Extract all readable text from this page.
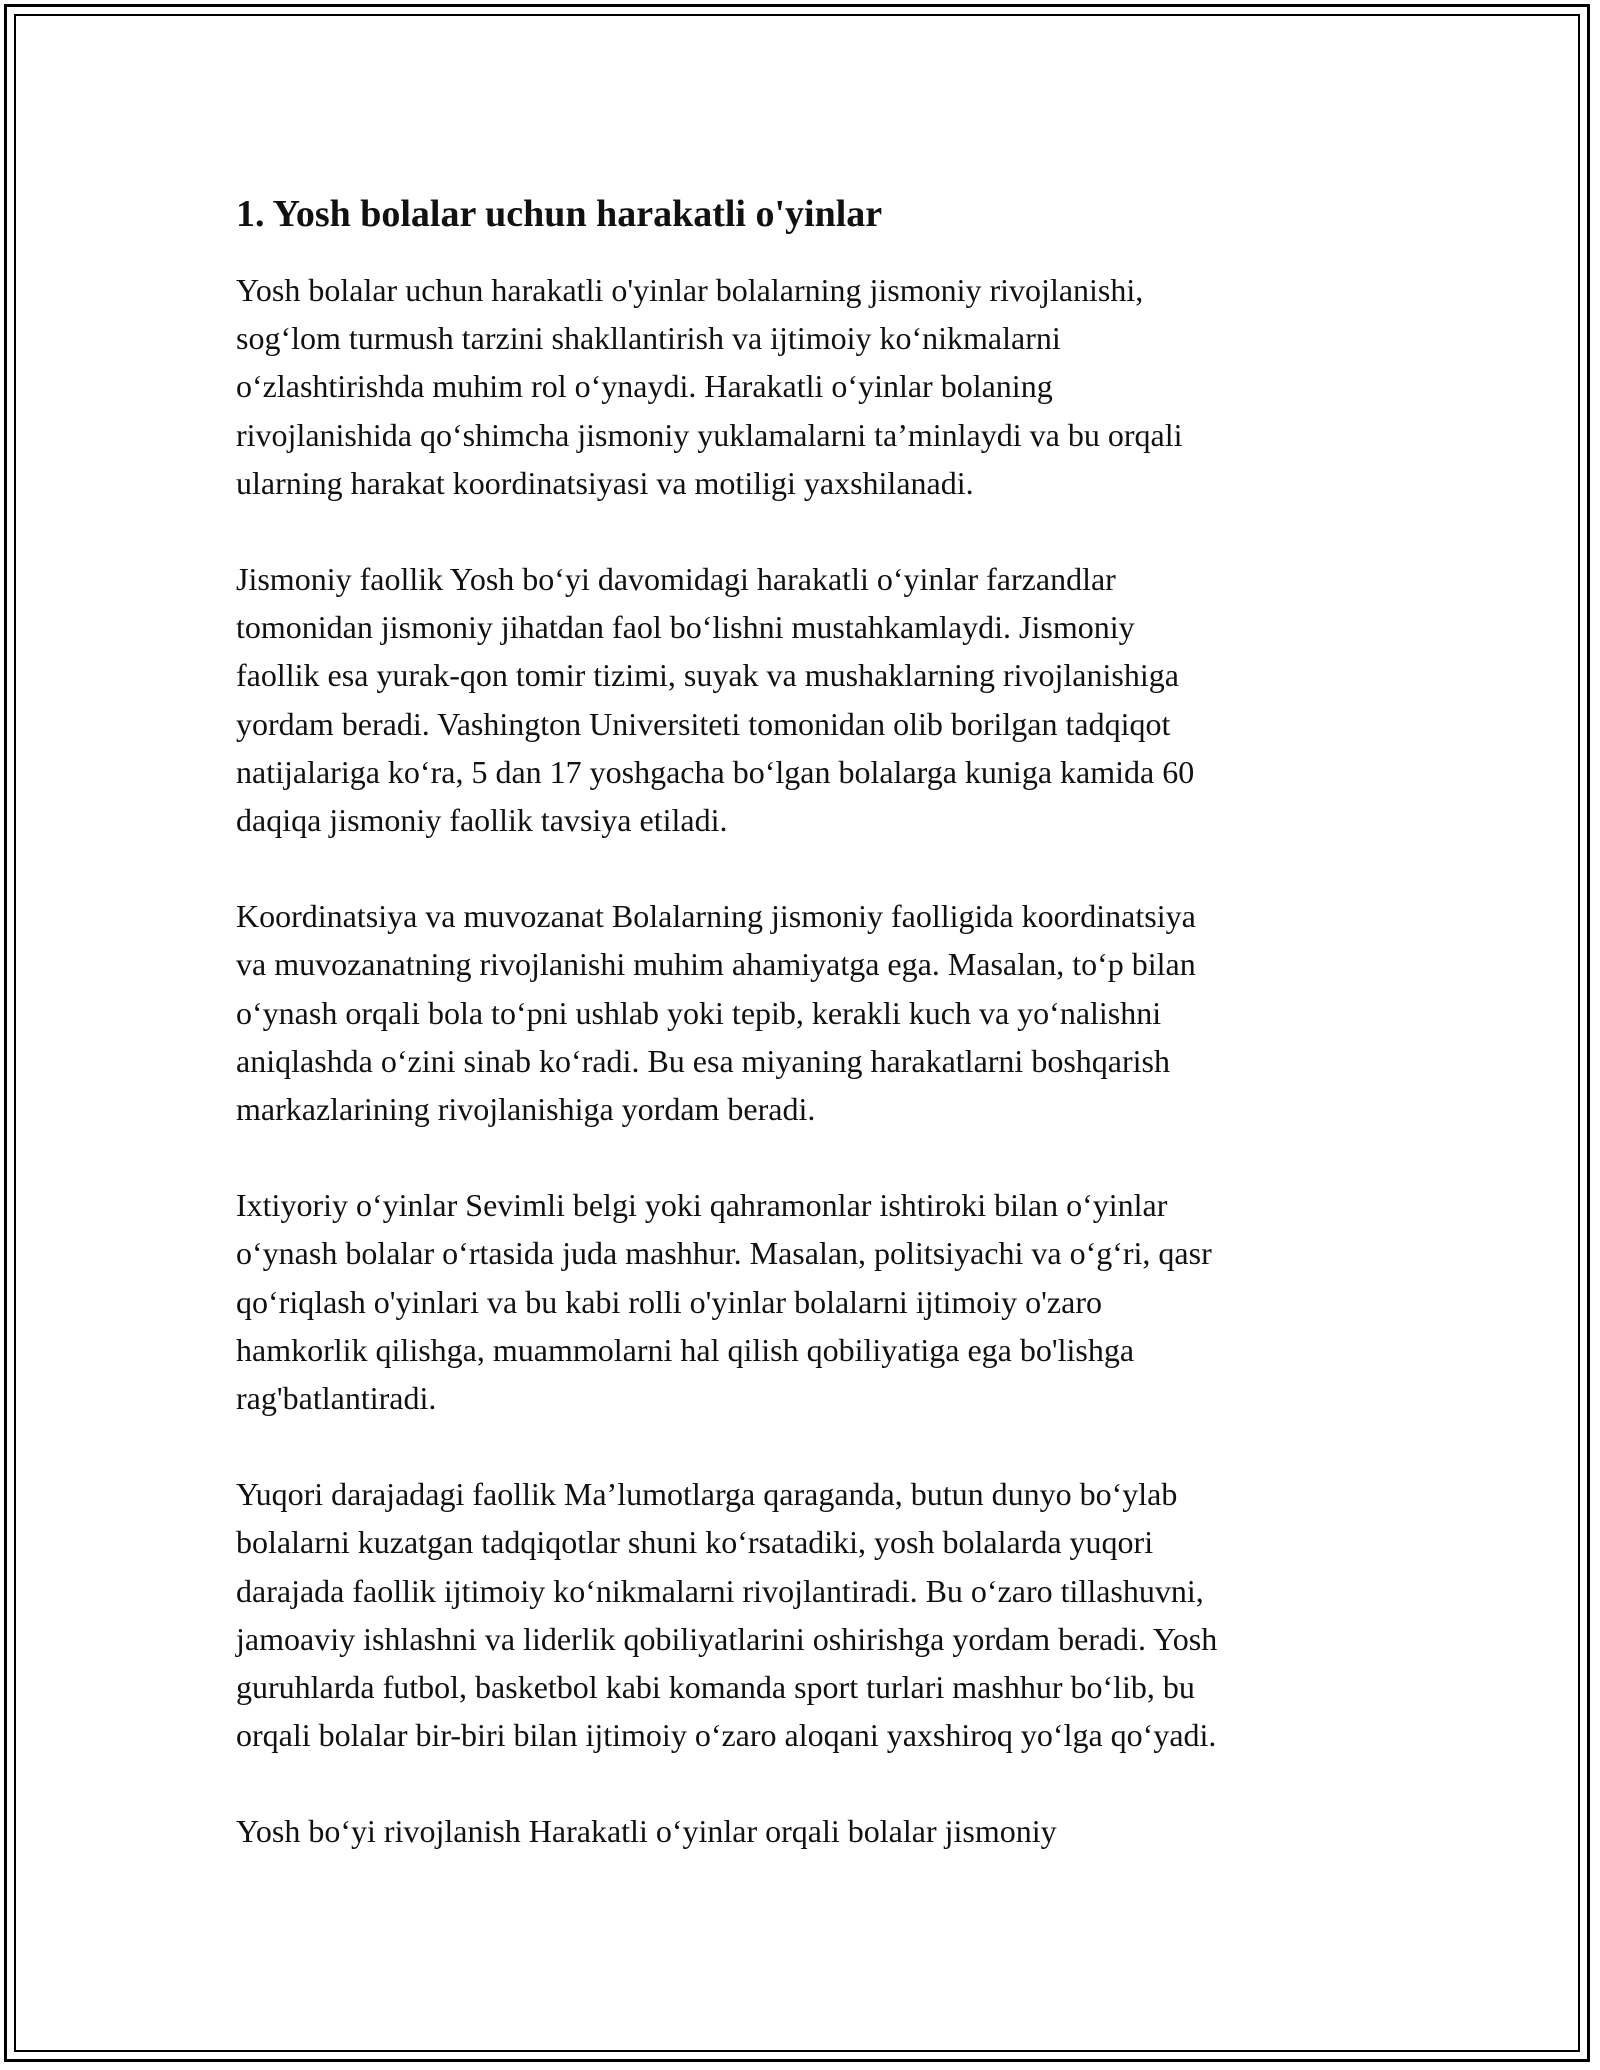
1. Yosh bolalar uchun harakatli o'yinlar

Yosh bolalar uchun harakatli o'yinlar bolalarning jismoniy rivojlanishi,
sog‘lom turmush tarzini shakllantirish va ijtimoiy ko‘nikmalarni
o‘zlashtirishda muhim rol o‘ynaydi. Harakatli o‘yinlar bolaning
rivojlanishida qo‘shimcha jismoniy yuklamalarni ta’minlaydi va bu orqali
ularning harakat koordinatsiyasi va motiligi yaxshilanadi.

Jismoniy faollik Yosh bo‘yi davomidagi harakatli o‘yinlar farzandlar
tomonidan jismoniy jihatdan faol bo‘lishni mustahkamlaydi. Jismoniy
faollik esa yurak-qon tomir tizimi, suyak va mushaklarning rivojlanishiga
yordam beradi. Vashington Universiteti tomonidan olib borilgan tadqiqot
natijalariga ko‘ra, 5 dan 17 yoshgacha bo‘lgan bolalarga kuniga kamida 60
daqiqa jismoniy faollik tavsiya etiladi.

Koordinatsiya va muvozanat Bolalarning jismoniy faolligida koordinatsiya
va muvozanatning rivojlanishi muhim ahamiyatga ega. Masalan, to‘p bilan
o‘ynash orqali bola to‘pni ushlab yoki tepib, kerakli kuch va yo‘nalishni
aniqlashda o‘zini sinab ko‘radi. Bu esa miyaning harakatlarni boshqarish
markazlarining rivojlanishiga yordam beradi.

Ixtiyoriy o‘yinlar Sevimli belgi yoki qahramonlar ishtiroki bilan o‘yinlar
o‘ynash bolalar o‘rtasida juda mashhur. Masalan, politsiyachi va o‘g‘ri, qasr
qo‘riqlash o'yinlari va bu kabi rolli o'yinlar bolalarni ijtimoiy o'zaro
hamkorlik qilishga, muammolarni hal qilish qobiliyatiga ega bo'lishga
rag'batlantiradi.

Yuqori darajadagi faollik Ma’lumotlarga qaraganda, butun dunyo bo‘ylab
bolalarni kuzatgan tadqiqotlar shuni ko‘rsatadiki, yosh bolalarda yuqori
darajada faollik ijtimoiy ko‘nikmalarni rivojlantiradi. Bu o‘zaro tillashuvni,
jamoaviy ishlashni va liderlik qobiliyatlarini oshirishga yordam beradi. Yosh
guruhlarda futbol, basketbol kabi komanda sport turlari mashhur bo‘lib, bu
orqali bolalar bir-biri bilan ijtimoiy o‘zaro aloqani yaxshiroq yo‘lga qo‘yadi.

Yosh bo‘yi rivojlanish Harakatli o‘yinlar orqali bolalar jismoniy
